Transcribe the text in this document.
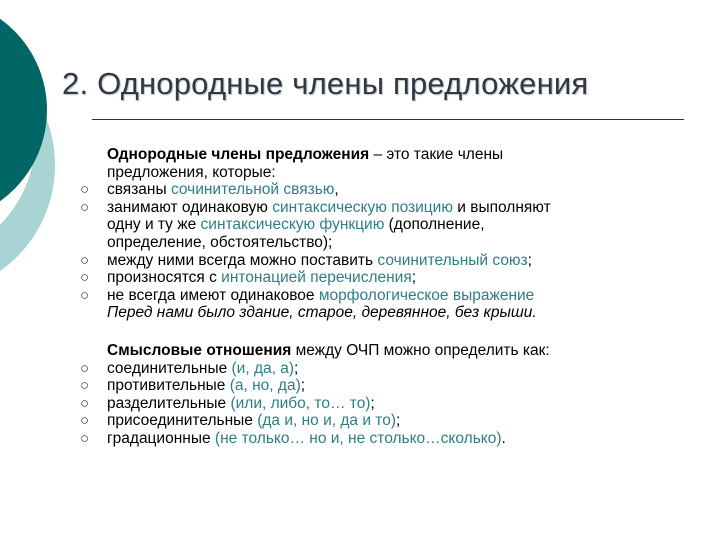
2. Однородные члены предложения

Однородные члены предложения – это такие члены

предложения, которые:

○ связаны сочинительной связью,

○ занимают одинаковую синтаксическую позицию и выполняют

одну и ту же синтаксическую функцию (дополнение,

определение, обстоятельство);

○ между ними всегда можно поставить сочинительный союз;

○ произносятся с интонацией перечисления;

○ не всегда имеют одинаковое морфологическое выражение

Перед нами было здание, старое, деревянное, без крыши.

Смысловые отношения между ОЧП можно определить как:

○ соединительные (и, да, а);

○ противительные (а, но, да);

○ разделительные (или, либо, то… то);

○ присоединительные (да и, но и, да и то);

○ градационные (не только… но и, не столько…сколько).
